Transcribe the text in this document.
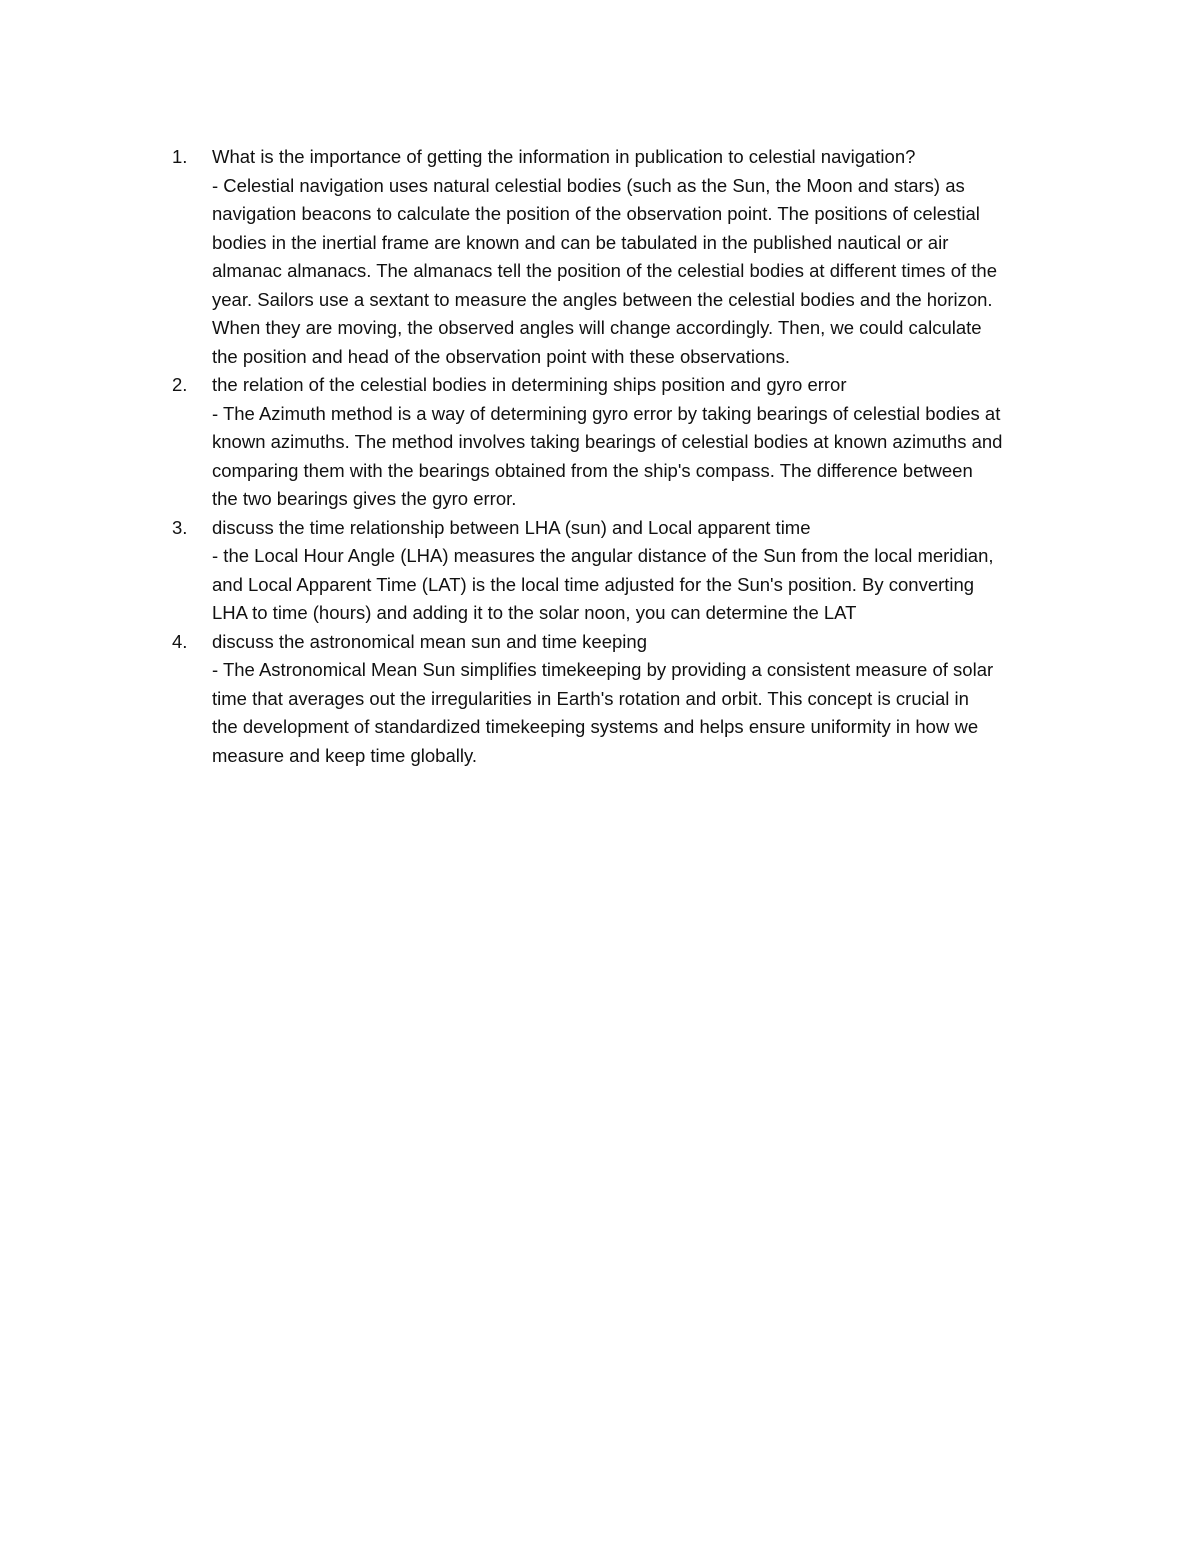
1.	What is the importance of getting the information in publication to celestial navigation?
- Celestial navigation uses natural celestial bodies (such as the Sun, the Moon and stars) as
navigation beacons to calculate the position of the observation point. The positions of celestial
bodies in the inertial frame are known and can be tabulated in the published nautical or air
almanac almanacs. The almanacs tell the position of the celestial bodies at different times of the
year. Sailors use a sextant to measure the angles between the celestial bodies and the horizon.
When they are moving, the observed angles will change accordingly. Then, we could calculate
the position and head of the observation point with these observations.
2.	the relation of the celestial bodies in determining ships position and gyro error
- The Azimuth method is a way of determining gyro error by taking bearings of celestial bodies at
known azimuths. The method involves taking bearings of celestial bodies at known azimuths and
comparing them with the bearings obtained from the ship's compass. The difference between
the two bearings gives the gyro error.
3.	discuss the time relationship between LHA (sun) and Local apparent time
- the Local Hour Angle (LHA) measures the angular distance of the Sun from the local meridian,
and Local Apparent Time (LAT) is the local time adjusted for the Sun's position. By converting
LHA to time (hours) and adding it to the solar noon, you can determine the LAT
4.	discuss the astronomical mean sun and time keeping
- The Astronomical Mean Sun simplifies timekeeping by providing a consistent measure of solar
time that averages out the irregularities in Earth's rotation and orbit. This concept is crucial in
the development of standardized timekeeping systems and helps ensure uniformity in how we
measure and keep time globally.
